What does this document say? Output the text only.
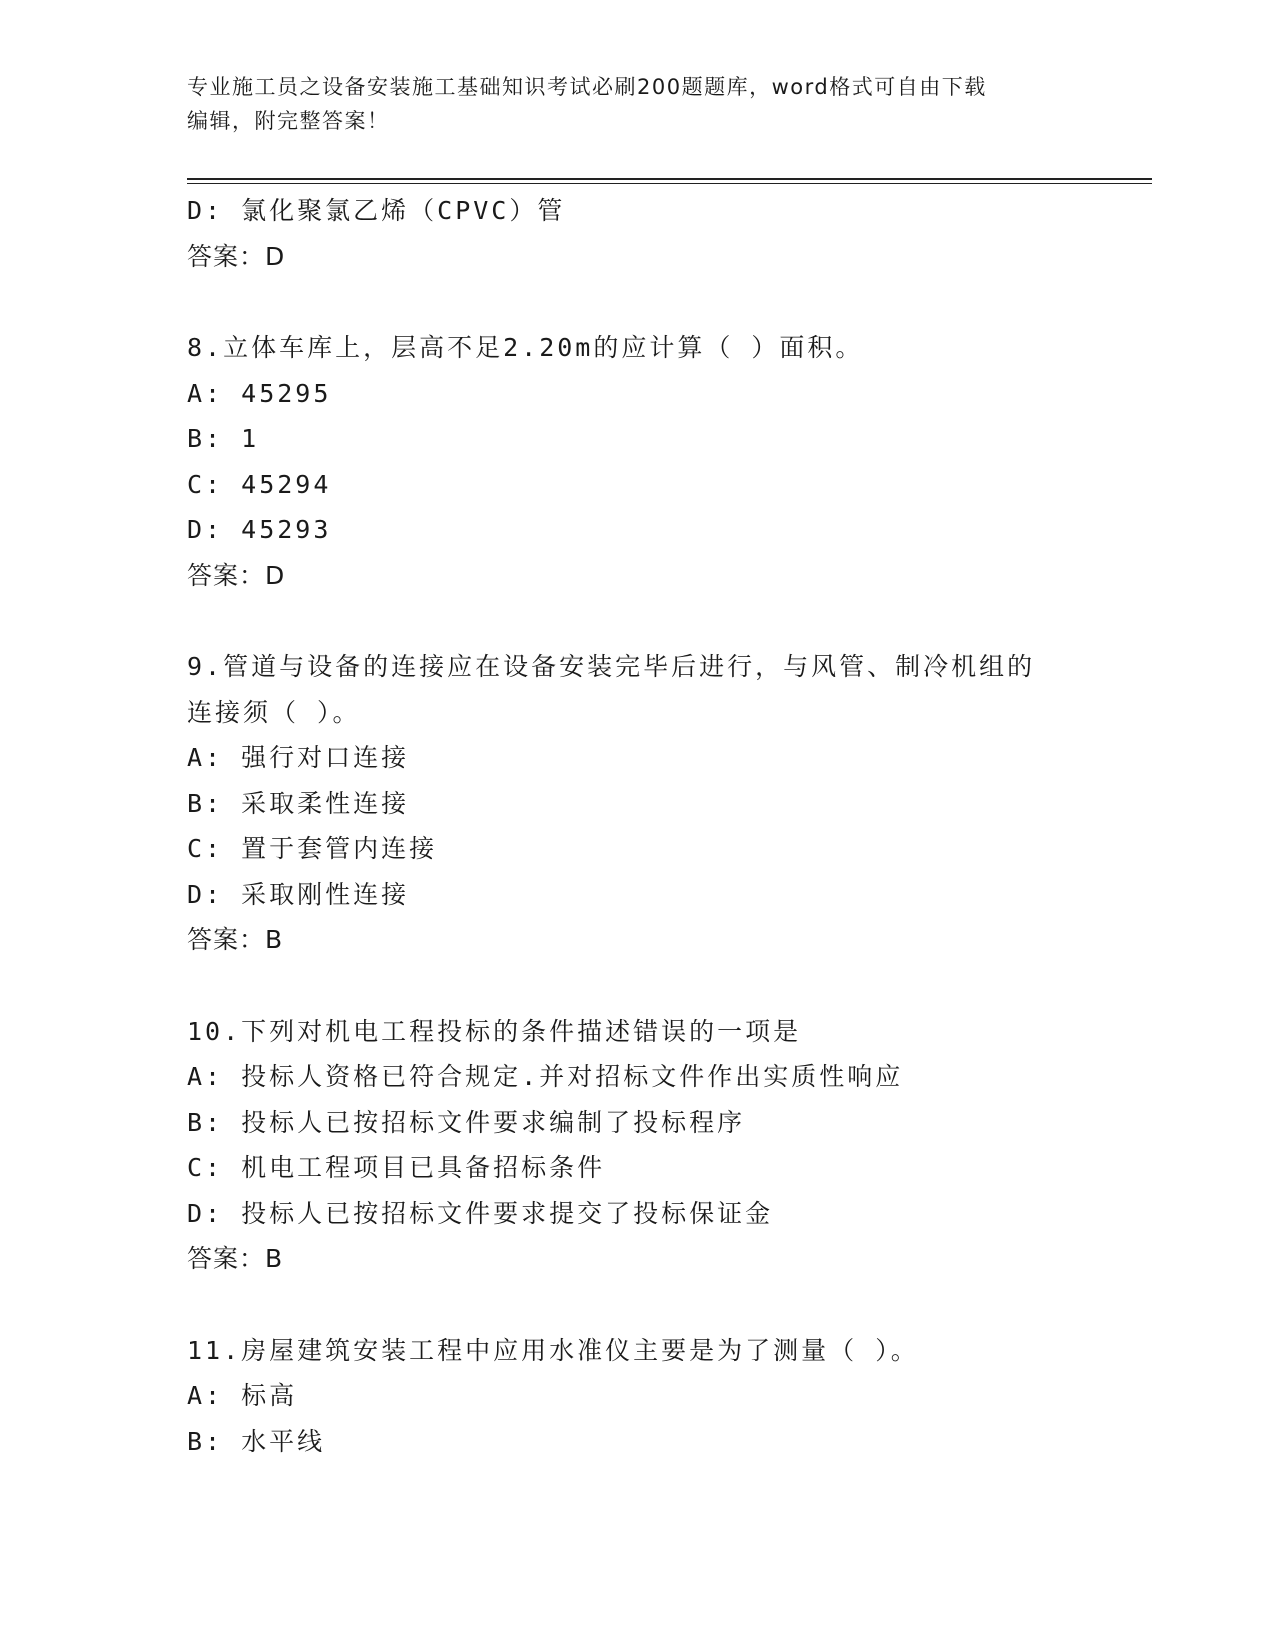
专业施工员之设备安装施工基础知识考试必刷200题题库，word格式可自由下载
编辑，附完整答案！
D: 氯化聚氯乙烯（CPVC）管
答案：D
8.立体车库上，层高不足2.20m的应计算（ ）面积。
A: 45295
B: 1
C: 45294
D: 45293
答案：D
9.管道与设备的连接应在设备安装完毕后进行，与风管、制冷机组的
连接须（ ）。
A: 强行对口连接
B: 采取柔性连接
C: 置于套管内连接
D: 采取刚性连接
答案：B
10.下列对机电工程投标的条件描述错误的一项是
A: 投标人资格已符合规定.并对招标文件作出实质性响应
B: 投标人已按招标文件要求编制了投标程序
C: 机电工程项目已具备招标条件
D: 投标人已按招标文件要求提交了投标保证金
答案：B
11.房屋建筑安装工程中应用水准仪主要是为了测量（ ）。
A: 标高
B: 水平线
